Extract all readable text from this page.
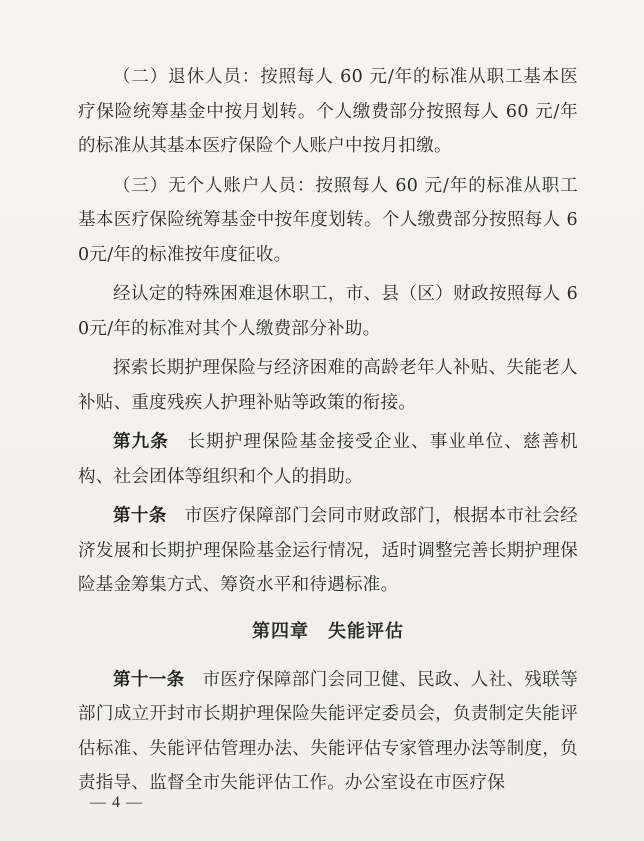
（二）退休人员：按照每人 60 元/年的标准从职工基本医疗保险统筹基金中按月划转。个人缴费部分按照每人 60 元/年的标准从其基本医疗保险个人账户中按月扣缴。

（三）无个人账户人员：按照每人 60 元/年的标准从职工基本医疗保险统筹基金中按年度划转。个人缴费部分按照每人 60元/年的标准按年度征收。

经认定的特殊困难退休职工，市、县（区）财政按照每人 60元/年的标准对其个人缴费部分补助。

探索长期护理保险与经济困难的高龄老年人补贴、失能老人补贴、重度残疾人护理补贴等政策的衔接。

第九条　 长期护理保险基金接受企业、事业单位、慈善机构、社会团体等组织和个人的捐助。

第十条　 市医疗保障部门会同市财政部门，根据本市社会经济发展和长期护理保险基金运行情况，适时调整完善长期护理保险基金筹集方式、筹资水平和待遇标准。

第四章　失能评估

第十一条　 市医疗保障部门会同卫健、民政、人社、残联等部门成立开封市长期护理保险失能评定委员会，负责制定失能评估标准、失能评估管理办法、失能评估专家管理办法等制度，负责指导、监督全市失能评估工作。办公室设在市医疗保

— 4 —
